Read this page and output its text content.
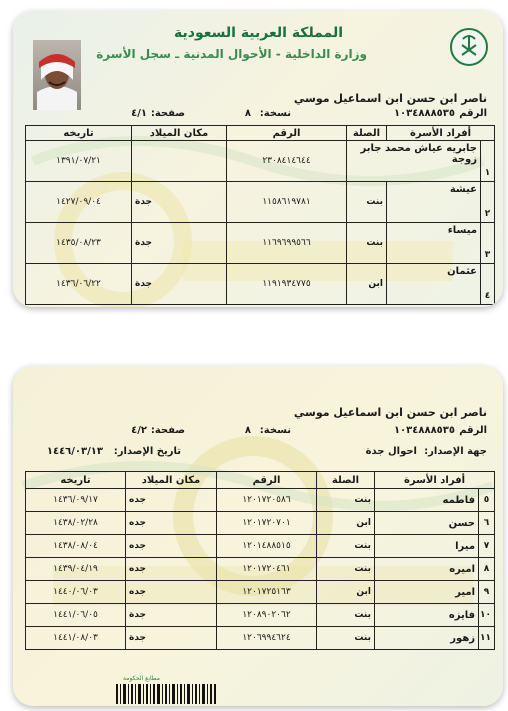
المملكة العربية السعودية
وزارة الداخلية - الأحوال المدنية ـ سجل الأسرة
ناصر ابن حسن ابن اسماعيل موسي
الرقم
١٠٣٤٨٨٨٥٣٥
نسخة:
٨
صفحة:
٤/١
أفراد الأسرة		الصلة	الرقم	مكان الميلاد	تاريخه
١	جابريه عياش محمد جابر
زوجة		٢٣٠٨٤١٤٦٤٤		١٣٩١/٠٧/٢١
٢	عيشة	بنت	١١٥٨٦١٩٧٨١	جدة	١٤٢٧/٠٩/٠٤
٣	ميساء	بنت	١١٦٩٦٩٩٥٦٦	جدة	١٤٣٥/٠٨/٢٣
٤	عثمان	ابن	١١٩١٩٣٤٧٧٥	جدة	١٤٣٦/٠٦/٢٢
ناصر ابن حسن ابن اسماعيل موسي
الرقم
١٠٣٤٨٨٨٥٣٥
نسخة:
٨
صفحة:
٤/٢
جهة الإصدار:
احوال جدة
تاريخ الإصدار:
١٤٤٦/٠٣/١٣
أفراد الأسرة		الصلة	الرقم	مكان الميلاد	تاريخه
٥	فاطمه	بنت	١٢٠١٧٢٠٥٨٦	جده	١٤٣٦/٠٩/١٧
٦	حسن	ابن	١٢٠١٧٢٠٧٠١	جده	١٤٣٨/٠٢/٢٨
٧	ميرا	بنت	١٢٠١٤٨٨٥١٥	جده	١٤٣٨/٠٨/٠٤
٨	اميره	بنت	١٢٠١٧٢٠٤٦١	جده	١٤٣٩/٠٤/١٩
٩	امير	ابن	١٢٠١٧٢٥١٦٣	جده	١٤٤٠/٠٦/٠٣
١٠	فايزه	بنت	١٢٠٨٩٠٢٠٦٢	جدة	١٤٤١/٠٦/٠٥
١١	زهور	بنت	١٢٠٦٩٩٤٦٢٤	جدة	١٤٤١/٠٨/٠٣
مطابع الحكومة
